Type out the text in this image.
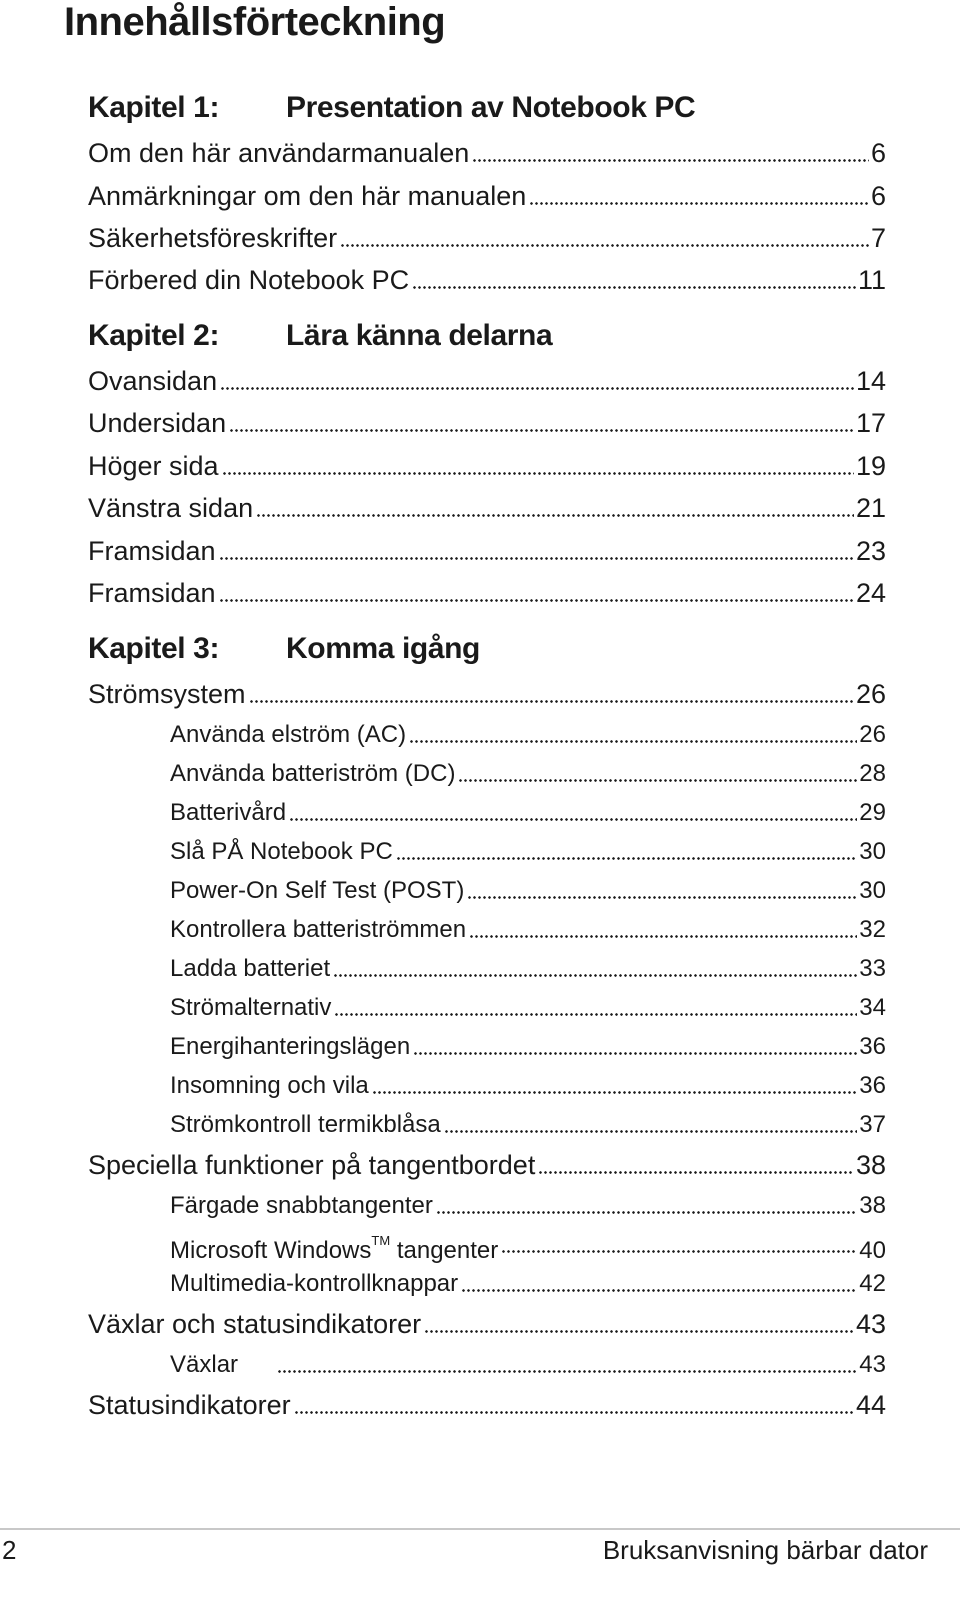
Innehållsförteckning
Kapitel 1: Presentation av Notebook PC
Om den här användarmanualen	6
Anmärkningar om den här manualen	6
Säkerhetsföreskrifter	7
Förbered din Notebook PC	11
Kapitel 2: Lära känna delarna
Ovansidan	14
Undersidan	17
Höger sida	19
Vänstra sidan	21
Framsidan	23
Framsidan	24
Kapitel 3: Komma igång
Strömsystem	26
Använda elström (AC)	26
Använda batteriström (DC)	28
Batterivård	29
Slå PÅ Notebook PC	30
Power-On Self Test (POST)	30
Kontrollera batteriströmmen	32
Ladda batteriet	33
Strömalternativ	34
Energihanteringslägen	36
Insomning och vila	36
Strömkontroll termikblåsa	37
Speciella funktioner på tangentbordet	38
Färgade snabbtangenter	38
Microsoft Windows™ tangenter	40
Multimedia-kontrollknappar	42
Växlar och statusindikatorer	43
Växlar	43
Statusindikatorer	44
2	Bruksanvisning bärbar dator
